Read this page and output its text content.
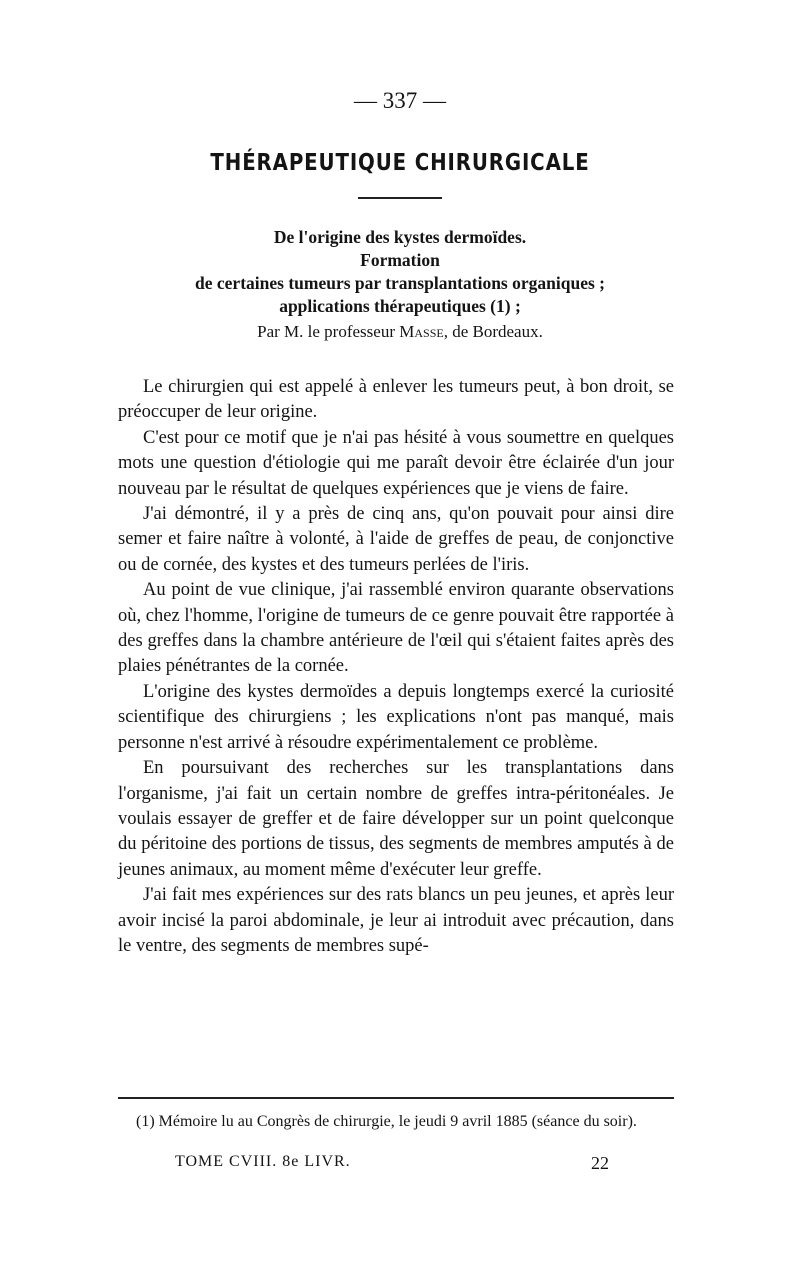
— 337 —
THÉRAPEUTIQUE CHIRURGICALE
De l'origine des kystes dermoïdes.
Formation
de certaines tumeurs par transplantations organiques ;
applications thérapeutiques (1) ;
Par M. le professeur Masse, de Bordeaux.

Le chirurgien qui est appelé à enlever les tumeurs peut, à bon droit, se préoccuper de leur origine.

C'est pour ce motif que je n'ai pas hésité à vous soumettre en quelques mots une question d'étiologie qui me paraît devoir être éclairée d'un jour nouveau par le résultat de quelques expériences que je viens de faire.

J'ai démontré, il y a près de cinq ans, qu'on pouvait pour ainsi dire semer et faire naître à volonté, à l'aide de greffes de peau, de conjonctive ou de cornée, des kystes et des tumeurs perlées de l'iris.

Au point de vue clinique, j'ai rassemblé environ quarante observations où, chez l'homme, l'origine de tumeurs de ce genre pouvait être rapportée à des greffes dans la chambre antérieure de l'œil qui s'étaient faites après des plaies pénétrantes de la cornée.

L'origine des kystes dermoïdes a depuis longtemps exercé la curiosité scientifique des chirurgiens ; les explications n'ont pas manqué, mais personne n'est arrivé à résoudre expérimentalement ce problème.

En poursuivant des recherches sur les transplantations dans l'organisme, j'ai fait un certain nombre de greffes intra-péritonéales. Je voulais essayer de greffer et de faire développer sur un point quelconque du péritoine des portions de tissus, des segments de membres amputés à de jeunes animaux, au moment même d'exécuter leur greffe.

J'ai fait mes expériences sur des rats blancs un peu jeunes, et après leur avoir incisé la paroi abdominale, je leur ai introduit avec précaution, dans le ventre, des segments de membres supé-

(1) Mémoire lu au Congrès de chirurgie, le jeudi 9 avril 1885 (séance du soir).
TOME CVIII. 8e LIVR.	22
